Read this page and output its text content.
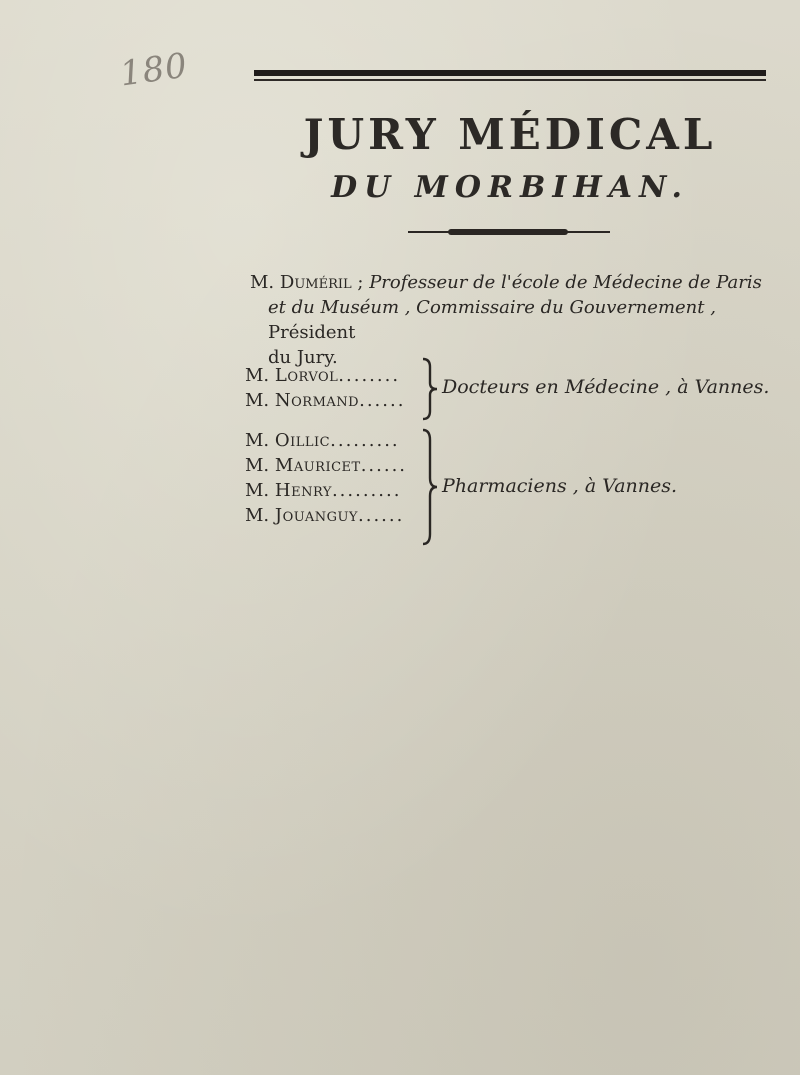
180
JURY MÉDICAL
DU MORBIHAN.
M. Duméril ; Professeur de l'école de Médecine de Paris
et du Muséum , Commissaire du Gouvernement , Président
du Jury.
M. Lorvol........
M. Normand......
Docteurs en Médecine , à Vannes.
M. Oillic.........
M. Mauricet......
M. Henry.........
M. Jouanguy......
Pharmaciens , à Vannes.
